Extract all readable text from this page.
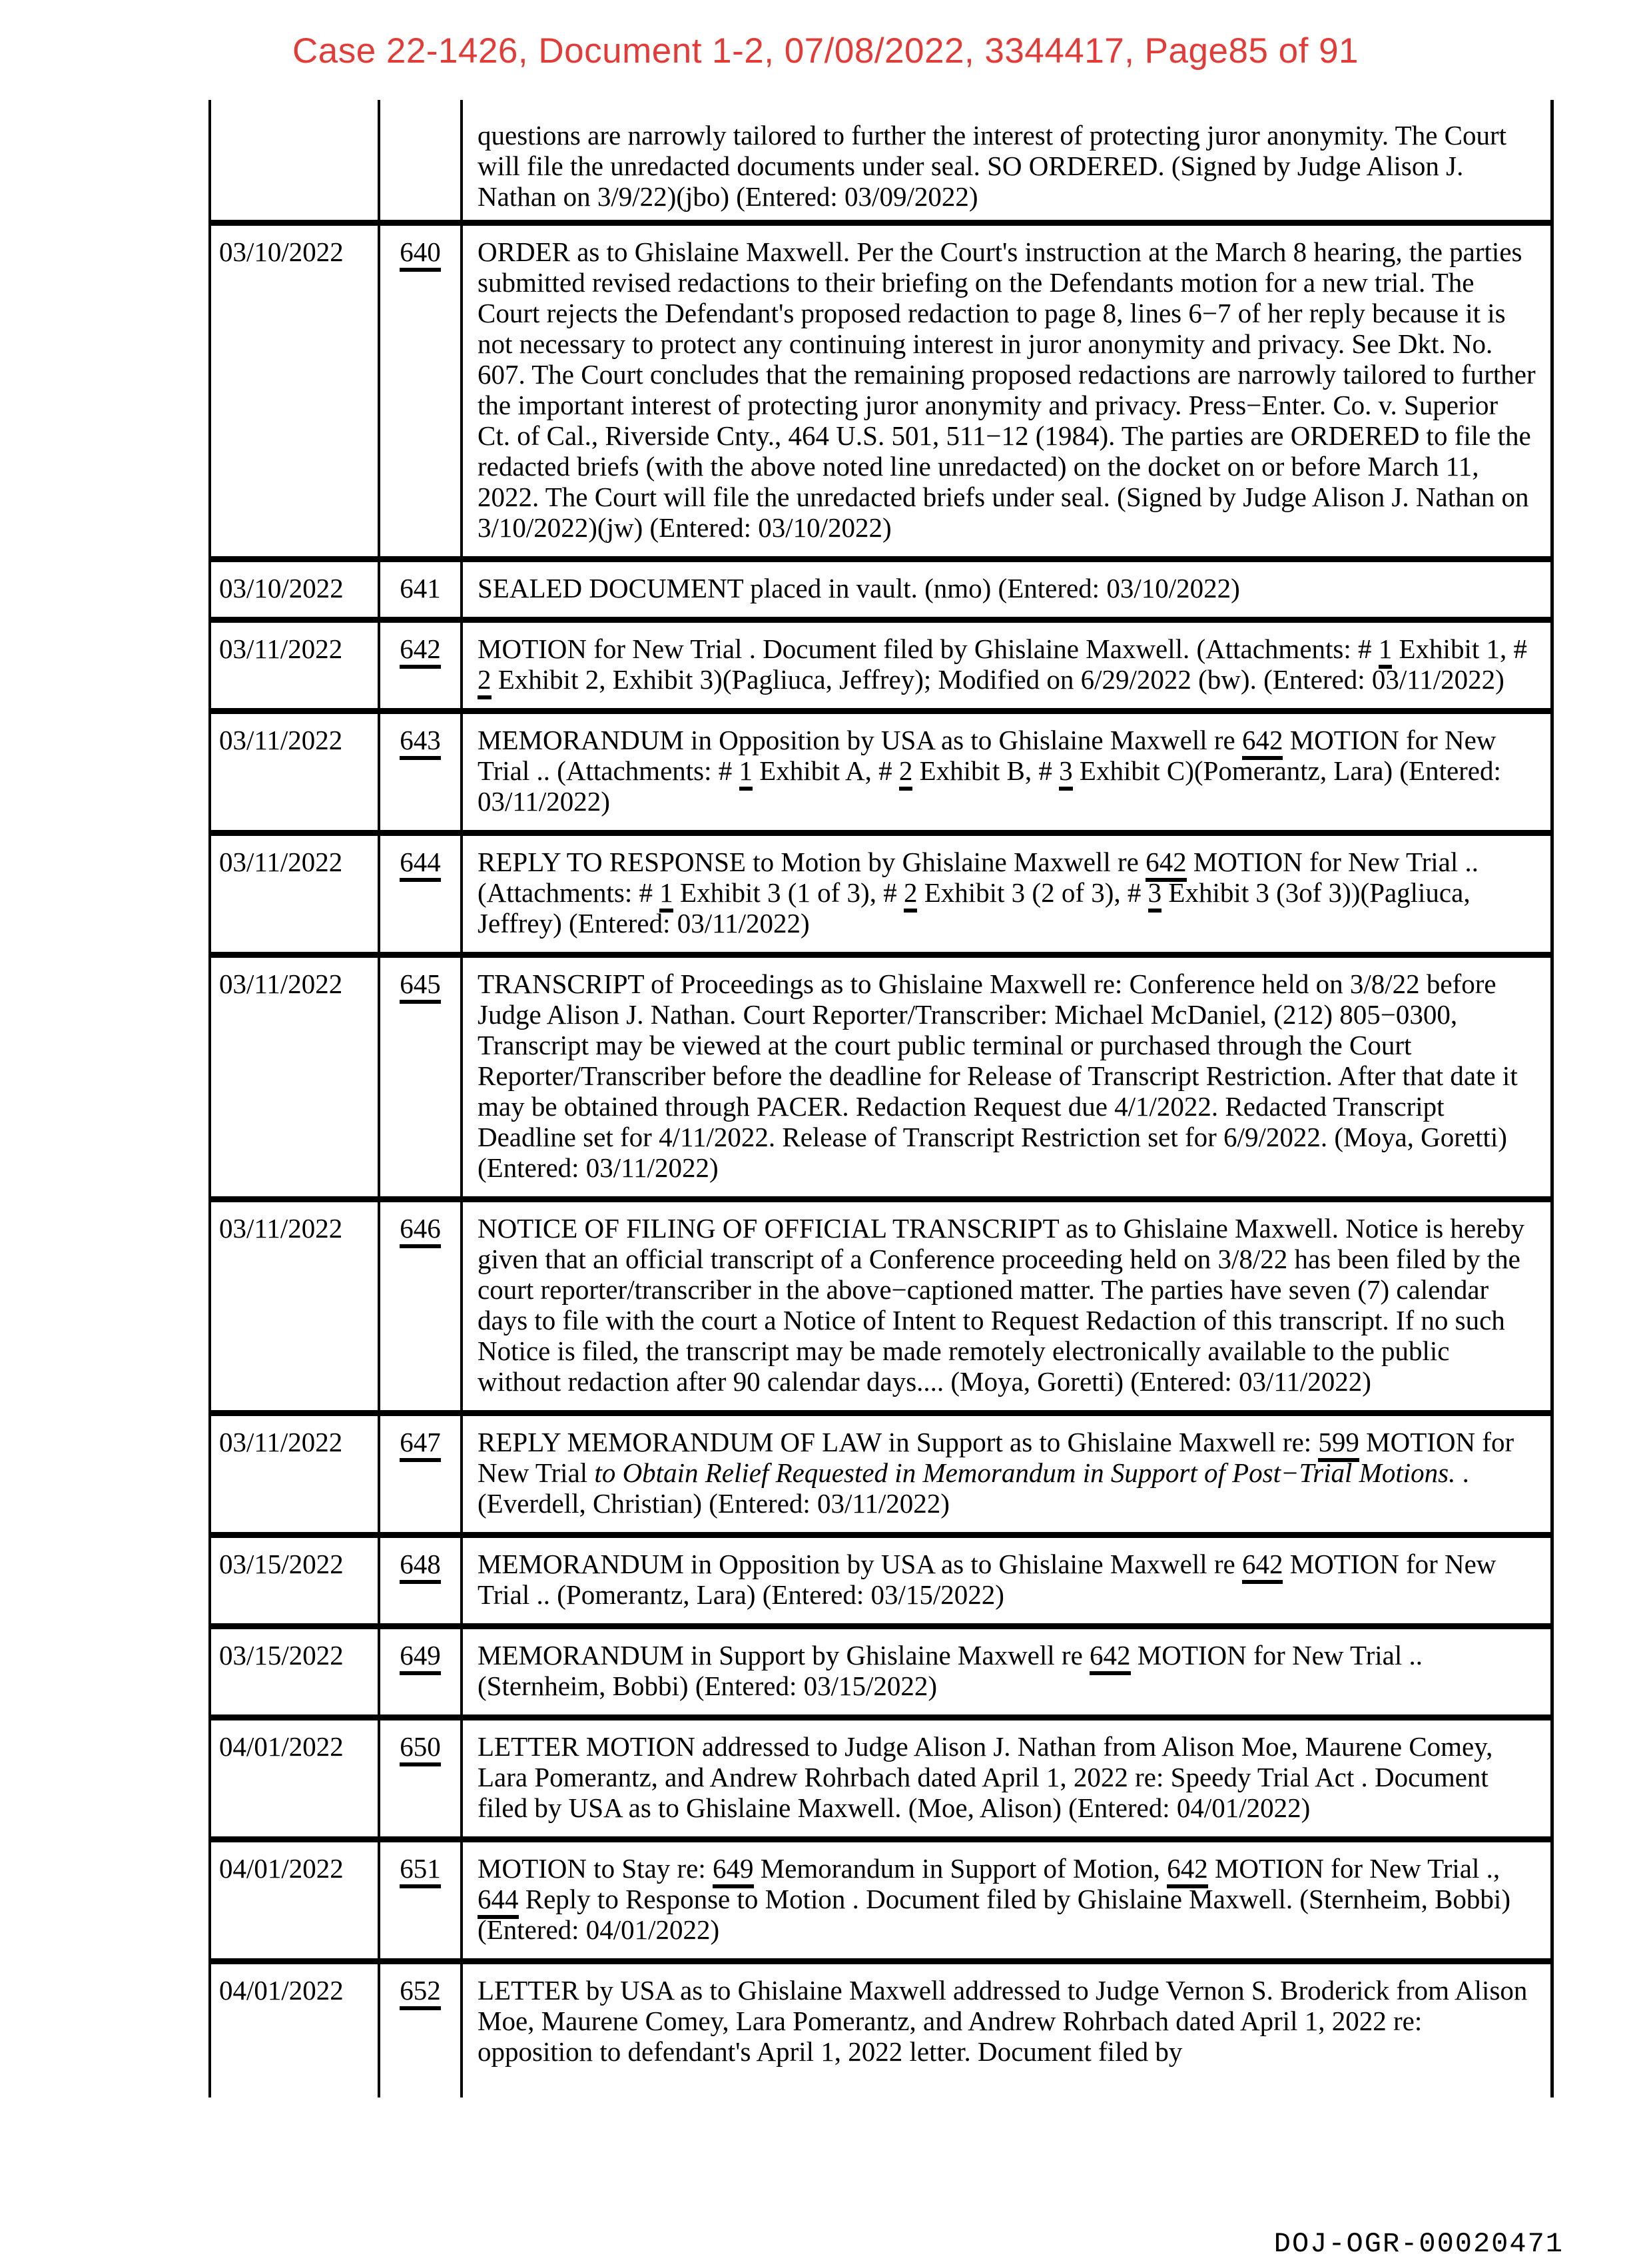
Case 22-1426, Document 1-2, 07/08/2022, 3344417, Page85 of 91
questions are narrowly tailored to further the interest of protecting juror anonymity. The Court will file the unredacted documents under seal. SO ORDERED. (Signed by Judge Alison J. Nathan on 3/9/22)(jbo) (Entered: 03/09/2022)
03/10/2022	640	ORDER as to Ghislaine Maxwell. Per the Court's instruction at the March 8 hearing, the parties submitted revised redactions to their briefing on the Defendants motion for a new trial. The Court rejects the Defendant's proposed redaction to page 8, lines 6−7 of her reply because it is not necessary to protect any continuing interest in juror anonymity and privacy. See Dkt. No. 607. The Court concludes that the remaining proposed redactions are narrowly tailored to further the important interest of protecting juror anonymity and privacy. Press−Enter. Co. v. Superior Ct. of Cal., Riverside Cnty., 464 U.S. 501, 511−12 (1984). The parties are ORDERED to file the redacted briefs (with the above noted line unredacted) on the docket on or before March 11, 2022. The Court will file the unredacted briefs under seal. (Signed by Judge Alison J. Nathan on 3/10/2022)(jw) (Entered: 03/10/2022)
03/10/2022	641	SEALED DOCUMENT placed in vault. (nmo) (Entered: 03/10/2022)
03/11/2022	642	MOTION for New Trial . Document filed by Ghislaine Maxwell. (Attachments: # 1 Exhibit 1, # 2 Exhibit 2, Exhibit 3)(Pagliuca, Jeffrey); Modified on 6/29/2022 (bw). (Entered: 03/11/2022)
03/11/2022	643	MEMORANDUM in Opposition by USA as to Ghislaine Maxwell re 642 MOTION for New Trial .. (Attachments: # 1 Exhibit A, # 2 Exhibit B, # 3 Exhibit C)(Pomerantz, Lara) (Entered: 03/11/2022)
03/11/2022	644	REPLY TO RESPONSE to Motion by Ghislaine Maxwell re 642 MOTION for New Trial .. (Attachments: # 1 Exhibit 3 (1 of 3), # 2 Exhibit 3 (2 of 3), # 3 Exhibit 3 (3of 3))(Pagliuca, Jeffrey) (Entered: 03/11/2022)
03/11/2022	645	TRANSCRIPT of Proceedings as to Ghislaine Maxwell re: Conference held on 3/8/22 before Judge Alison J. Nathan. Court Reporter/Transcriber: Michael McDaniel, (212) 805−0300, Transcript may be viewed at the court public terminal or purchased through the Court Reporter/Transcriber before the deadline for Release of Transcript Restriction. After that date it may be obtained through PACER. Redaction Request due 4/1/2022. Redacted Transcript Deadline set for 4/11/2022. Release of Transcript Restriction set for 6/9/2022. (Moya, Goretti) (Entered: 03/11/2022)
03/11/2022	646	NOTICE OF FILING OF OFFICIAL TRANSCRIPT as to Ghislaine Maxwell. Notice is hereby given that an official transcript of a Conference proceeding held on 3/8/22 has been filed by the court reporter/transcriber in the above−captioned matter. The parties have seven (7) calendar days to file with the court a Notice of Intent to Request Redaction of this transcript. If no such Notice is filed, the transcript may be made remotely electronically available to the public without redaction after 90 calendar days.... (Moya, Goretti) (Entered: 03/11/2022)
03/11/2022	647	REPLY MEMORANDUM OF LAW in Support as to Ghislaine Maxwell re: 599 MOTION for New Trial to Obtain Relief Requested in Memorandum in Support of Post−Trial Motions. . (Everdell, Christian) (Entered: 03/11/2022)
03/15/2022	648	MEMORANDUM in Opposition by USA as to Ghislaine Maxwell re 642 MOTION for New Trial .. (Pomerantz, Lara) (Entered: 03/15/2022)
03/15/2022	649	MEMORANDUM in Support by Ghislaine Maxwell re 642 MOTION for New Trial .. (Sternheim, Bobbi) (Entered: 03/15/2022)
04/01/2022	650	LETTER MOTION addressed to Judge Alison J. Nathan from Alison Moe, Maurene Comey, Lara Pomerantz, and Andrew Rohrbach dated April 1, 2022 re: Speedy Trial Act . Document filed by USA as to Ghislaine Maxwell. (Moe, Alison) (Entered: 04/01/2022)
04/01/2022	651	MOTION to Stay re: 649 Memorandum in Support of Motion, 642 MOTION for New Trial ., 644 Reply to Response to Motion . Document filed by Ghislaine Maxwell. (Sternheim, Bobbi) (Entered: 04/01/2022)
04/01/2022	652	LETTER by USA as to Ghislaine Maxwell addressed to Judge Vernon S. Broderick from Alison Moe, Maurene Comey, Lara Pomerantz, and Andrew Rohrbach dated April 1, 2022 re: opposition to defendant's April 1, 2022 letter. Document filed by
DOJ-OGR-00020471
